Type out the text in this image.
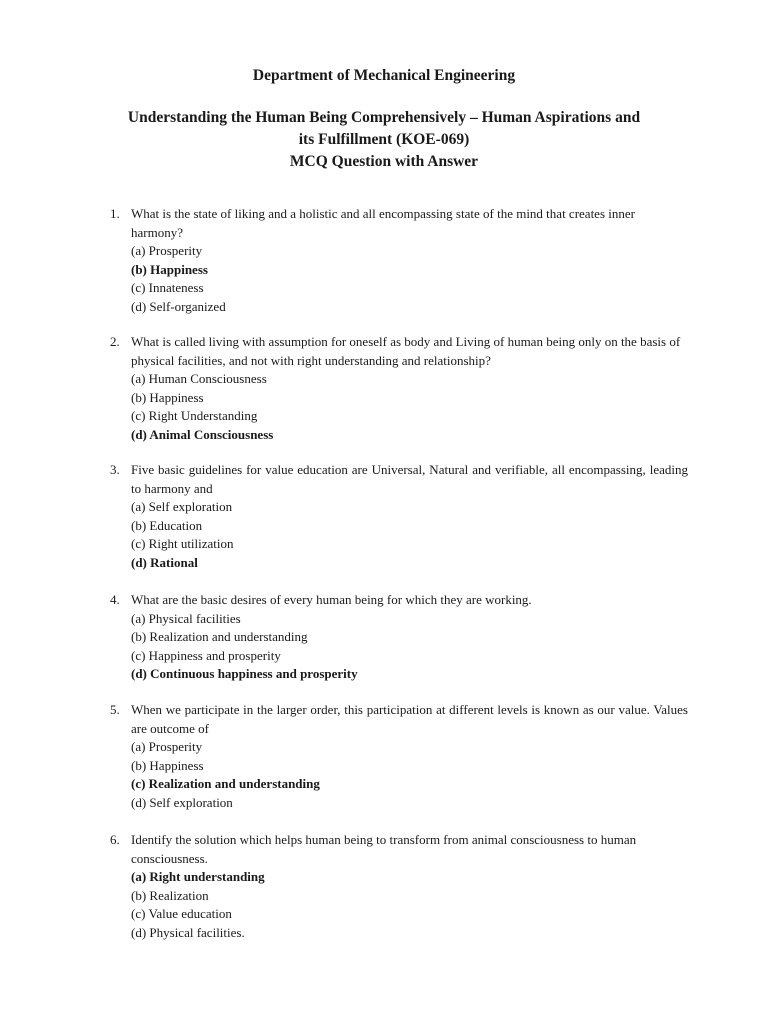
Department of Mechanical Engineering

Understanding the Human Being Comprehensively – Human Aspirations and

its Fulfillment (KOE-069)

MCQ Question with Answer

1. What is the state of liking and a holistic and all encompassing state of the mind that creates inner harmony?
(a) Prosperity
(b) Happiness
(c) Innateness
(d) Self-organized
2. What is called living with assumption for oneself as body and Living of human being only on the basis of physical facilities, and not with right understanding and relationship?
(a) Human Consciousness
(b) Happiness
(c) Right Understanding
(d) Animal Consciousness
3. Five basic guidelines for value education are Universal, Natural and verifiable, all encompassing, leading to harmony and
(a) Self exploration
(b) Education
(c) Right utilization
(d) Rational
4. What are the basic desires of every human being for which they are working.
(a) Physical facilities
(b) Realization and understanding
(c) Happiness and prosperity
(d) Continuous happiness and prosperity
5. When we participate in the larger order, this participation at different levels is known as our value. Values are outcome of
(a) Prosperity
(b) Happiness
(c) Realization and understanding
(d) Self exploration
6. Identify the solution which helps human being to transform from animal consciousness to human consciousness.
(a) Right understanding
(b) Realization
(c) Value education
(d) Physical facilities.
